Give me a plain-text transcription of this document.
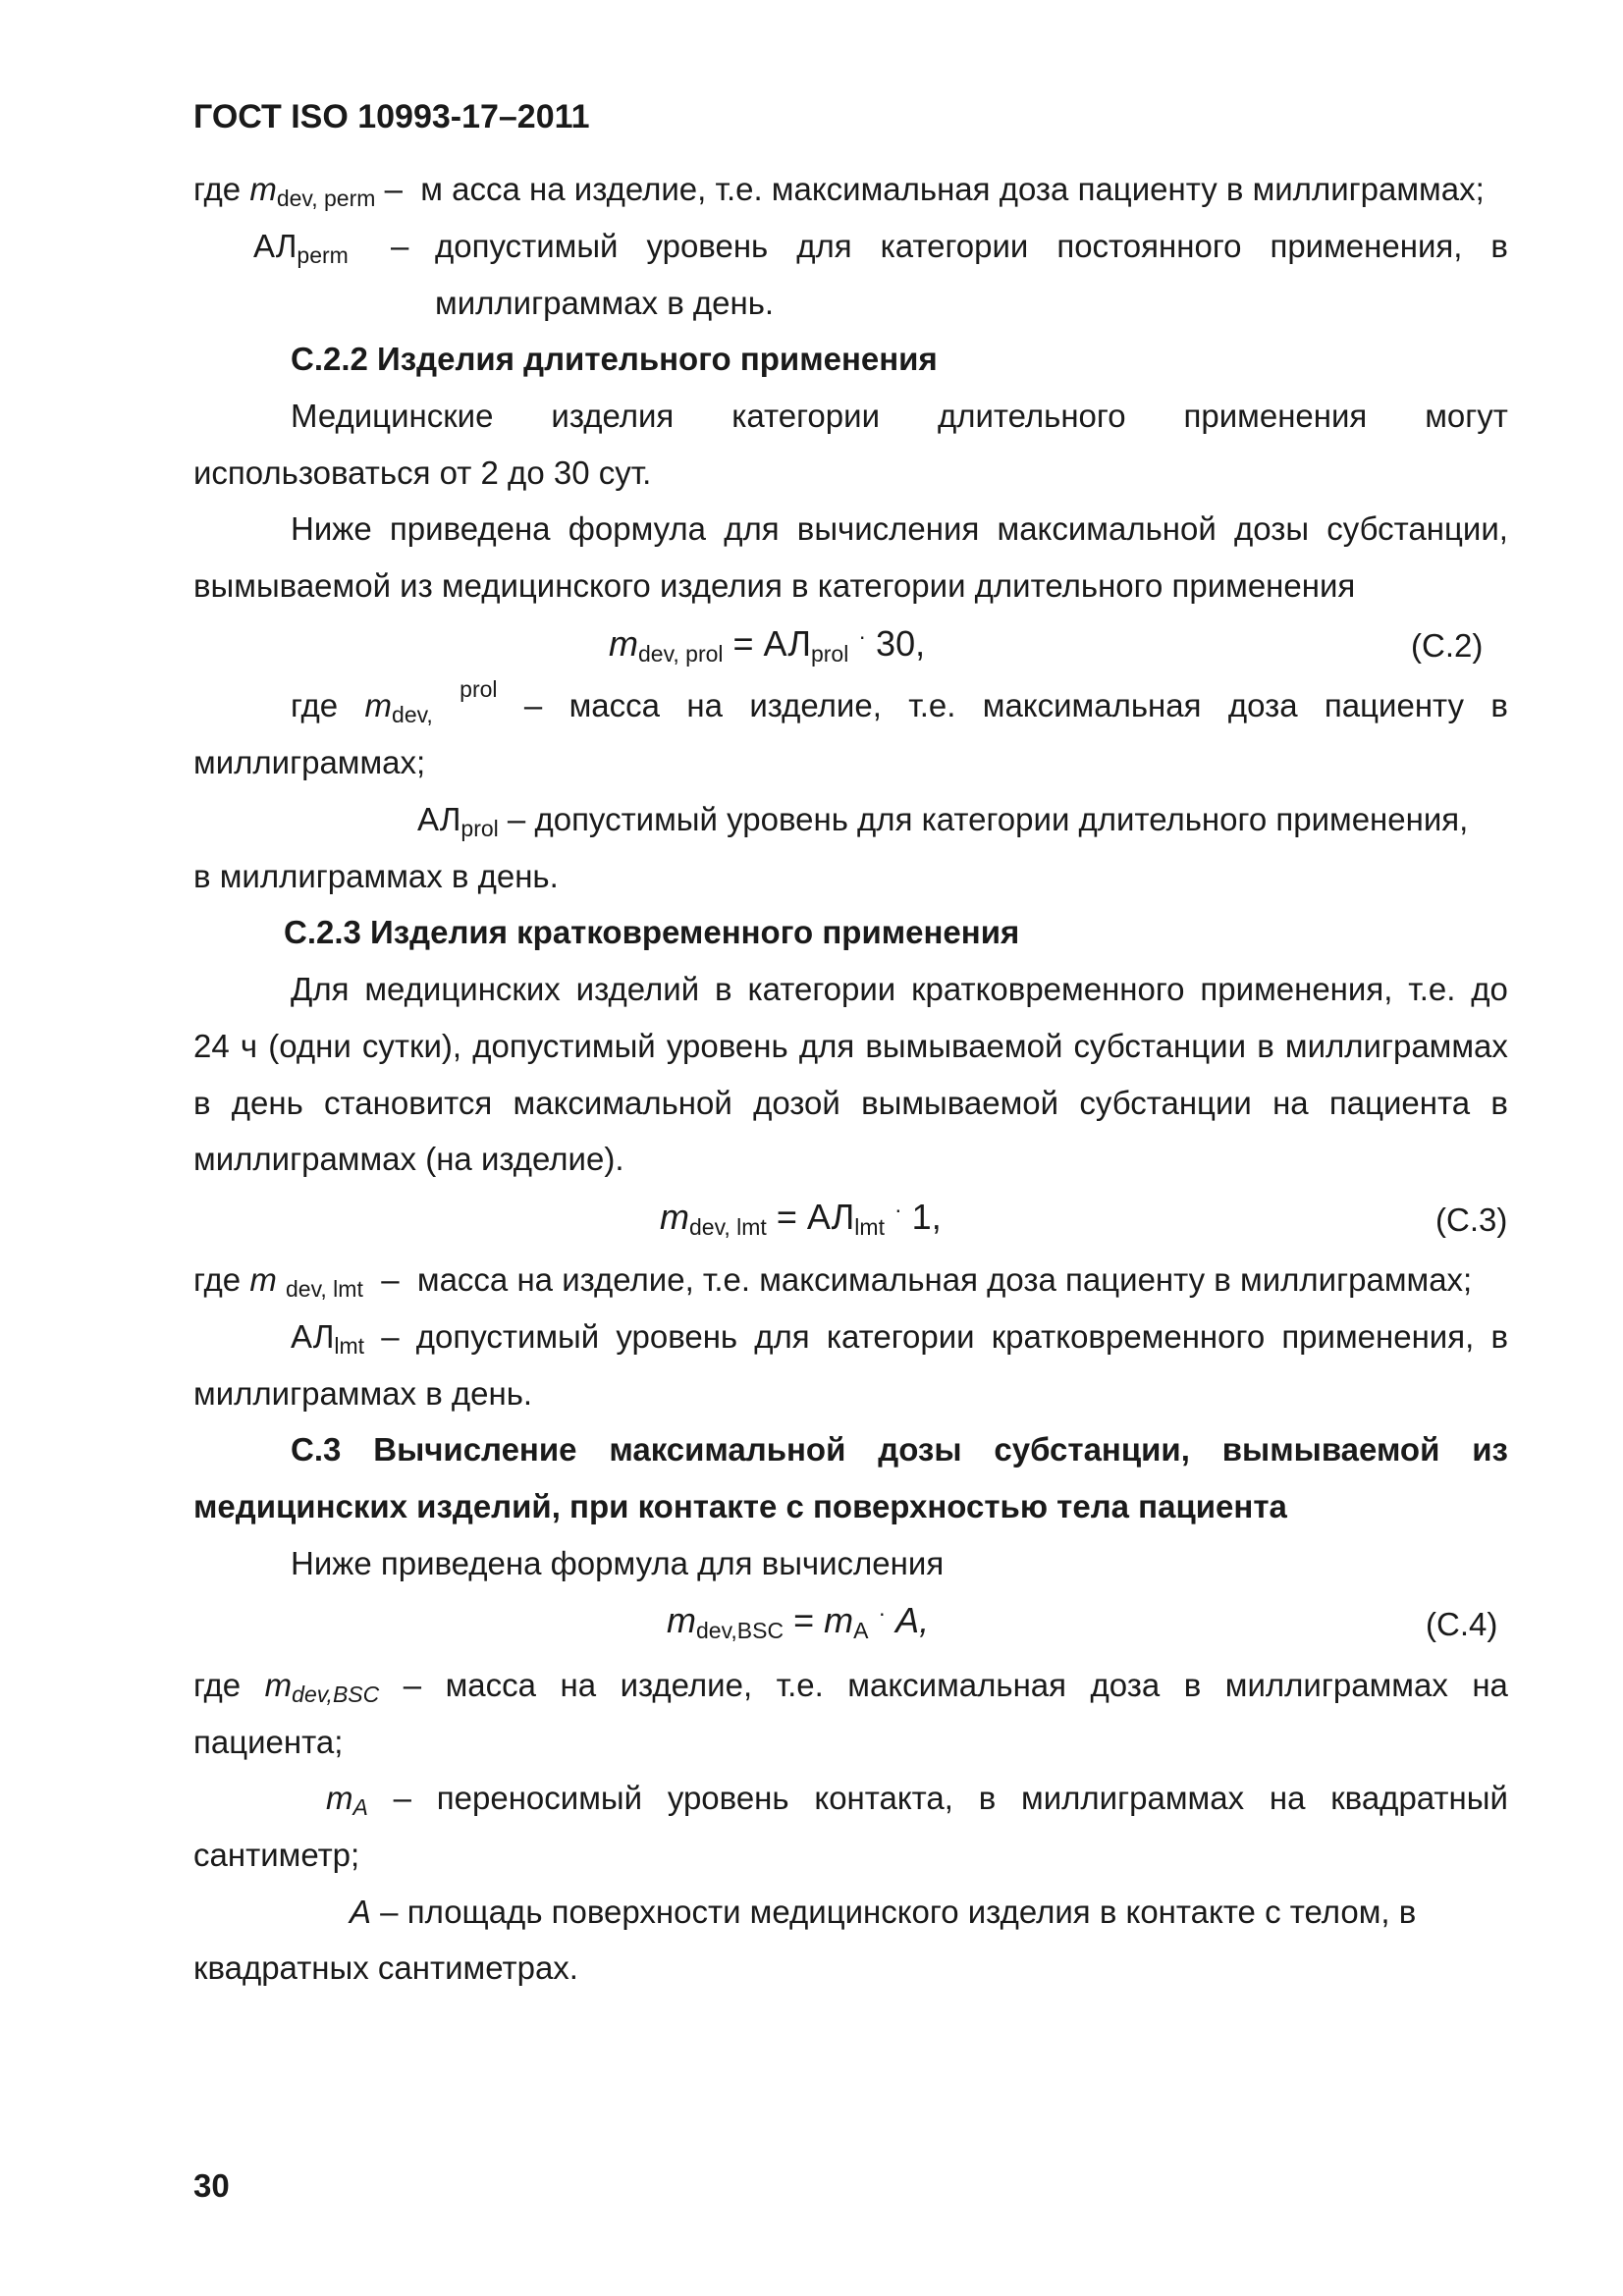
ГОСТ ISO 10993-17–2011
где $m_{dev, perm}$ – м асса на изделие, т.е. максимальная доза пациенту в миллиграммах;
$АЛ_{perm}$ – допустимый уровень для категории постоянного применения, в
миллиграммах в день.
С.2.2 Изделия длительного применения
Медицинские изделия категории длительного применения могут
использоваться от 2 до 30 сут.
Ниже приведена формула для вычисления максимальной дозы субстанции,
вымываемой из медицинского изделия в категории длительного применения
$m_{dev, prol} = АЛ_{prol}$ · 30,	(С.2)
где $m_{dev,}$
prol – масса на изделие, т.е. максимальная доза пациенту в
миллиграммах;
$АЛ_{prol}$ – допустимый уровень для категории длительного применения,
в миллиграммах в день.
С.2.3 Изделия кратковременного применения
Для медицинских изделий в категории кратковременного применения, т.е. до
24 ч (одни сутки), допустимый уровень для вымываемой субстанции в миллиграммах
в день становится максимальной дозой вымываемой субстанции на пациента в
миллиграммах (на изделие).
$m_{dev, lmt} = АЛ_{lmt}$ · 1,	(С.3)
где m $_{dev, lmt}$ – масса на изделие, т.е. максимальная доза пациенту в миллиграммах;
$АЛ_{lmt}$ – допустимый уровень для категории кратковременного применения, в
миллиграммах в день.
С.3 Вычисление максимальной дозы субстанции, вымываемой из
медицинских изделий, при контакте с поверхностью тела пациента
Ниже приведена формула для вычисления
$m_{dev,BSC} = m_A$ · A,	(С.4)
где $m_{dev,BSC}$ – масса на изделие, т.е. максимальная доза в миллиграммах на
пациента;
$m_A$ – переносимый уровень контакта, в миллиграммах на квадратный
сантиметр;
A – площадь поверхности медицинского изделия в контакте с телом, в
квадратных сантиметрах.
30
